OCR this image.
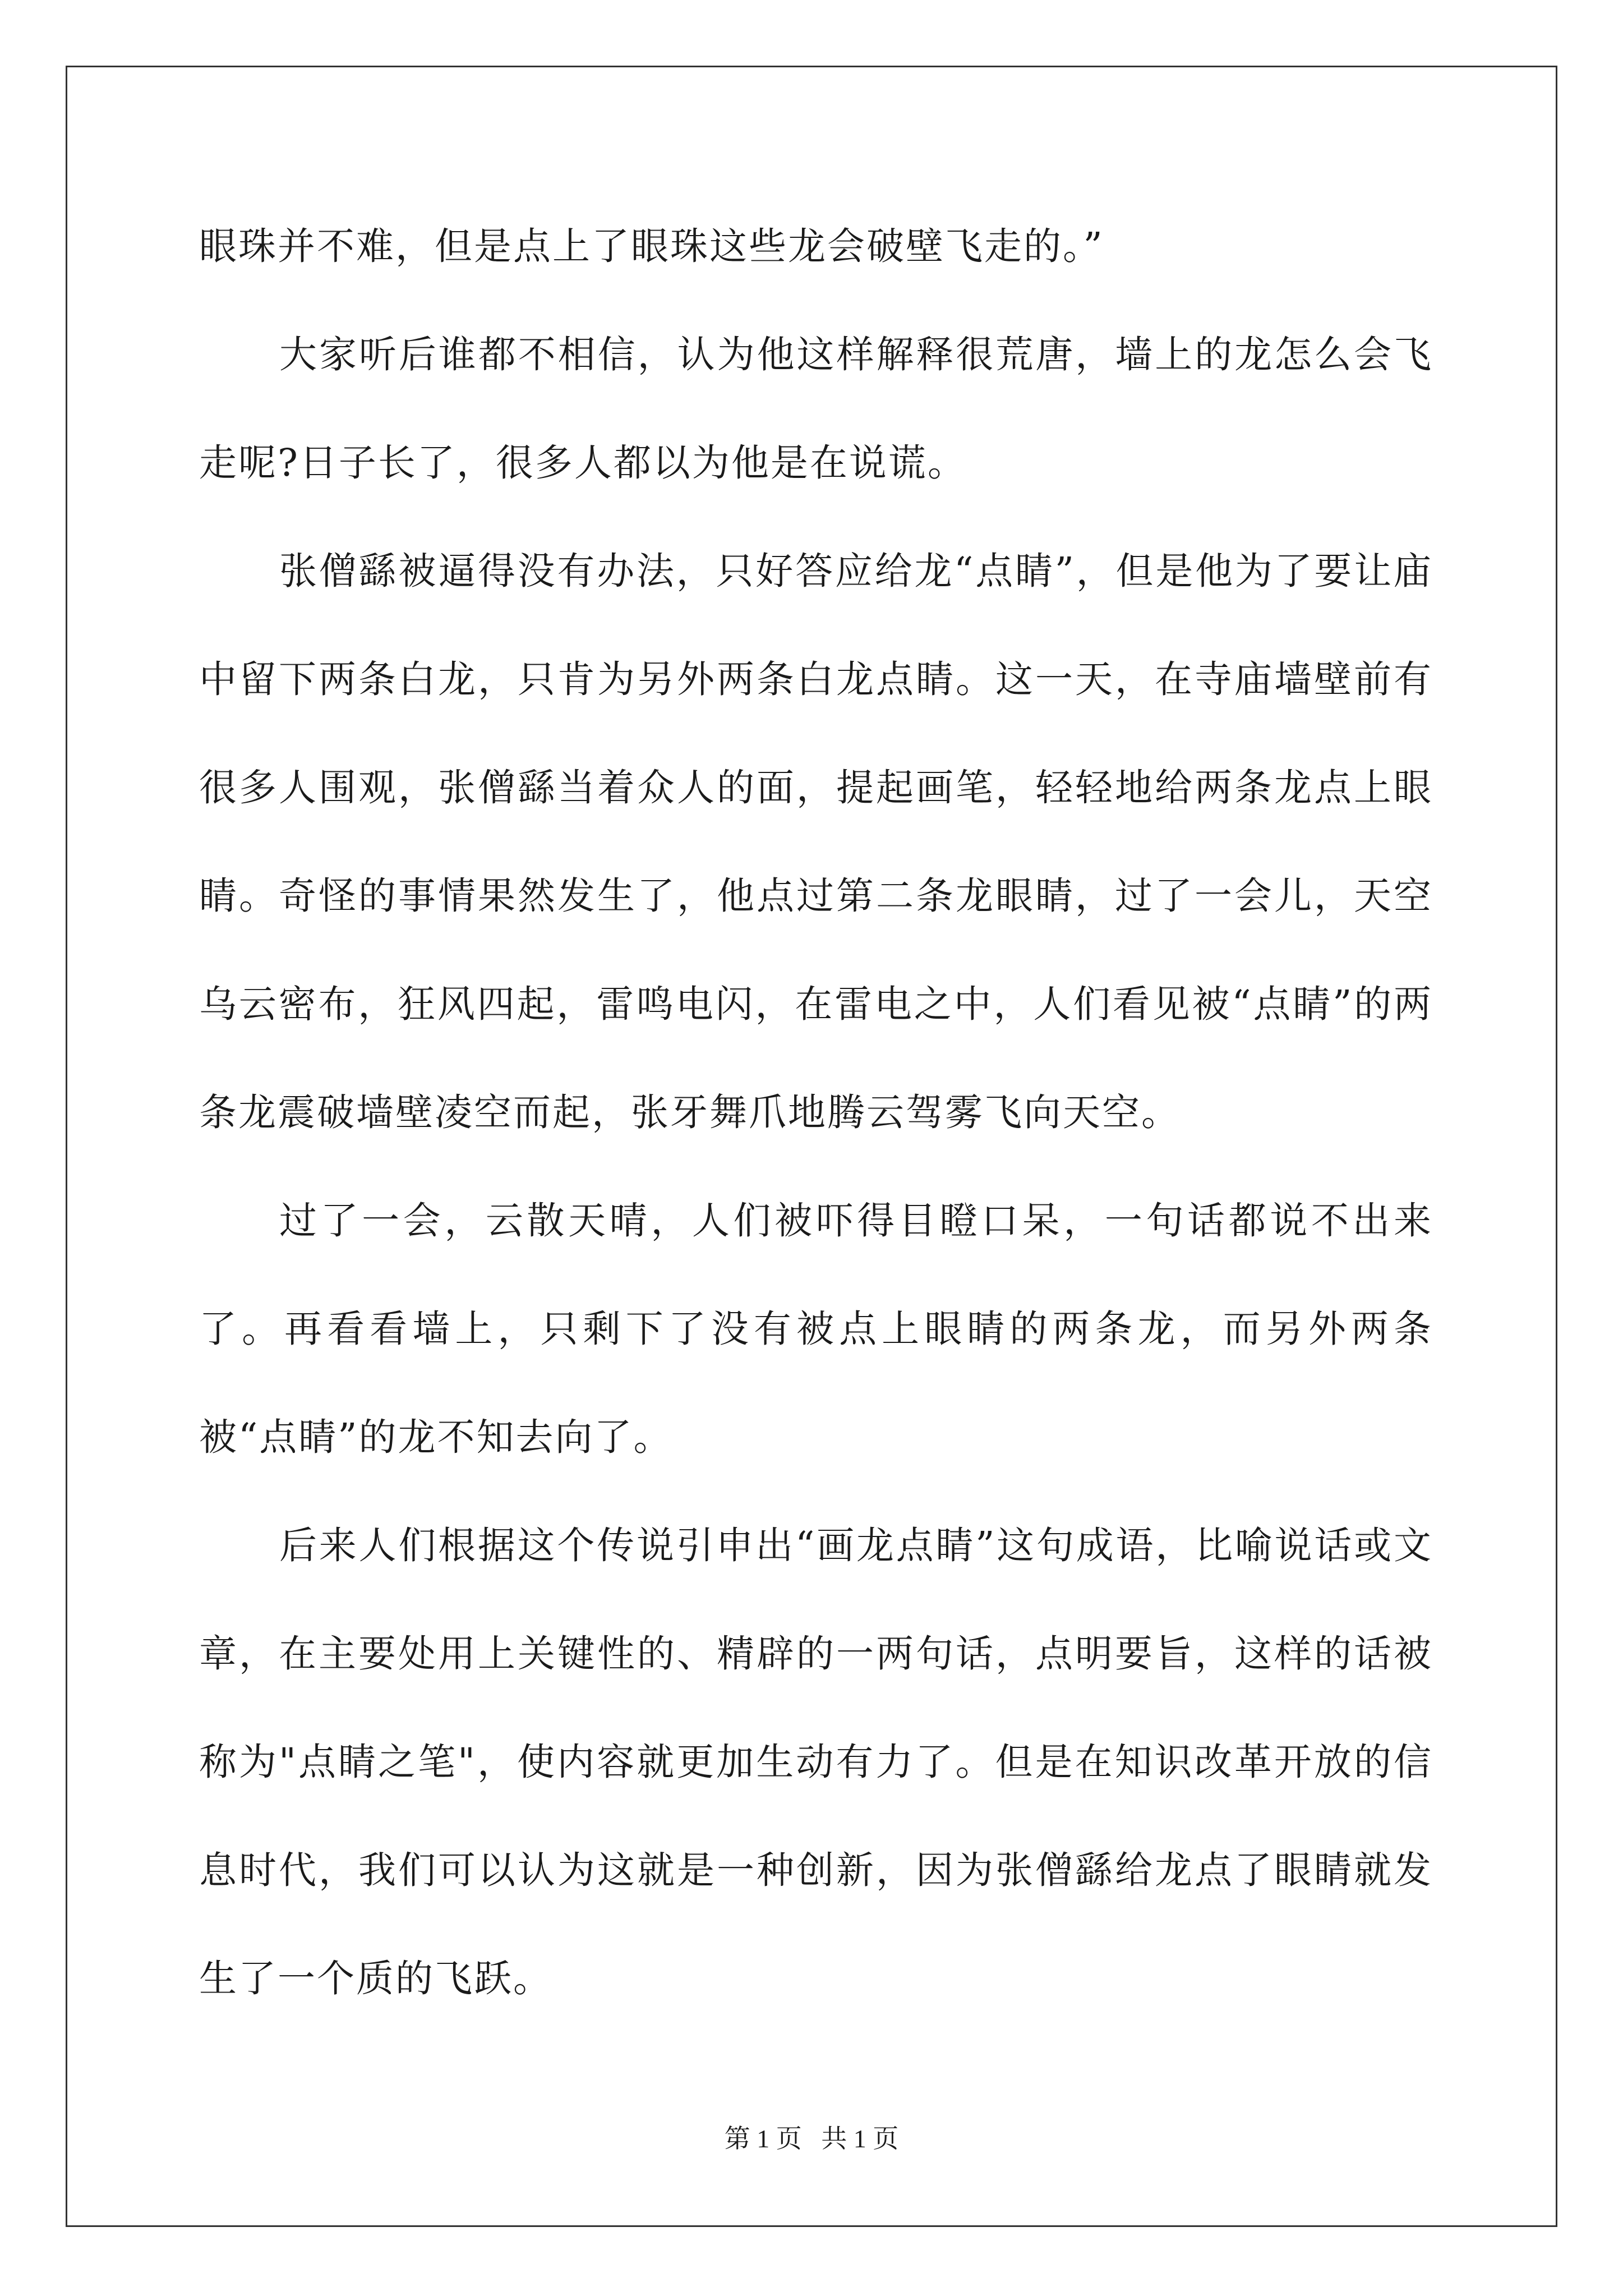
眼珠并不难，但是点上了眼珠这些龙会破壁飞走的。”

大家听后谁都不相信，认为他这样解释很荒唐，墙上的龙怎么会飞走呢?日子长了，很多人都以为他是在说谎。

张僧繇被逼得没有办法，只好答应给龙“点睛”，但是他为了要让庙中留下两条白龙，只肯为另外两条白龙点睛。这一天，在寺庙墙壁前有很多人围观，张僧繇当着众人的面，提起画笔，轻轻地给两条龙点上眼睛。奇怪的事情果然发生了，他点过第二条龙眼睛，过了一会儿，天空乌云密布，狂风四起，雷鸣电闪，在雷电之中，人们看见被“点睛”的两条龙震破墙壁凌空而起，张牙舞爪地腾云驾雾飞向天空。

过了一会，云散天晴，人们被吓得目瞪口呆，一句话都说不出来了。再看看墙上，只剩下了没有被点上眼睛的两条龙，而另外两条被“点睛”的龙不知去向了。

后来人们根据这个传说引申出“画龙点睛”这句成语，比喻说话或文章，在主要处用上关键性的、精辟的一两句话，点明要旨，这样的话被称为"点睛之笔"，使内容就更加生动有力了。但是在知识改革开放的信息时代，我们可以认为这就是一种创新，因为张僧繇给龙点了眼睛就发生了一个质的飞跃。

第 1 页   共 1 页
